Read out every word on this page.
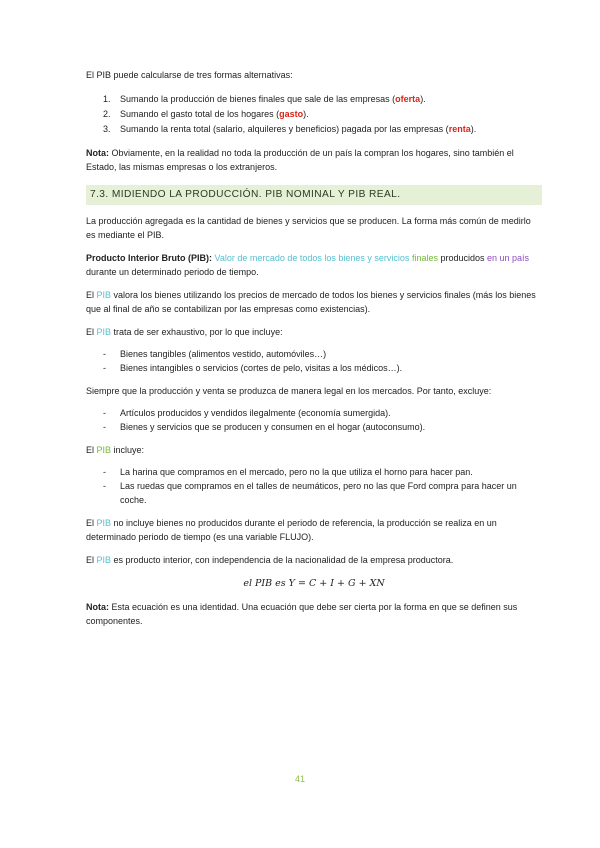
El PIB puede calcularse de tres formas alternativas:

1. Sumando la producción de bienes finales que sale de las empresas (oferta).
2. Sumando el gasto total de los hogares (gasto).
3. Sumando la renta total (salario, alquileres y beneficios) pagada por las empresas (renta).

Nota: Obviamente, en la realidad no toda la producción de un país la compran los hogares, sino también el Estado, las mismas empresas o los extranjeros.

7.3. MIDIENDO LA PRODUCCIÓN. PIB NOMINAL Y PIB REAL.

La producción agregada es la cantidad de bienes y servicios que se producen. La forma más común de medirlo es mediante el PIB.

Producto Interior Bruto (PIB): Valor de mercado de todos los bienes y servicios finales producidos en un país durante un determinado periodo de tiempo.

El PIB valora los bienes utilizando los precios de mercado de todos los bienes y servicios finales (más los bienes que al final de año se contabilizan por las empresas como existencias).

El PIB trata de ser exhaustivo, por lo que incluye:

- Bienes tangibles (alimentos vestido, automóviles…)
- Bienes intangibles o servicios (cortes de pelo, visitas a los médicos…).

Siempre que la producción y venta se produzca de manera legal en los mercados. Por tanto, excluye:

- Artículos producidos y vendidos ilegalmente (economía sumergida).
- Bienes y servicios que se producen y consumen en el hogar (autoconsumo).

El PIB incluye:

- La harina que compramos en el mercado, pero no la que utiliza el horno para hacer pan.
- Las ruedas que compramos en el talles de neumáticos, pero no las que Ford compra para hacer un coche.

El PIB no incluye bienes no producidos durante el periodo de referencia, la producción se realiza en un determinado periodo de tiempo (es una variable FLUJO).

El PIB es producto interior, con independencia de la nacionalidad de la empresa productora.

el PIB es Y = C + I + G + XN

Nota: Esta ecuación es una identidad. Una ecuación que debe ser cierta por la forma en que se definen sus componentes.

41
